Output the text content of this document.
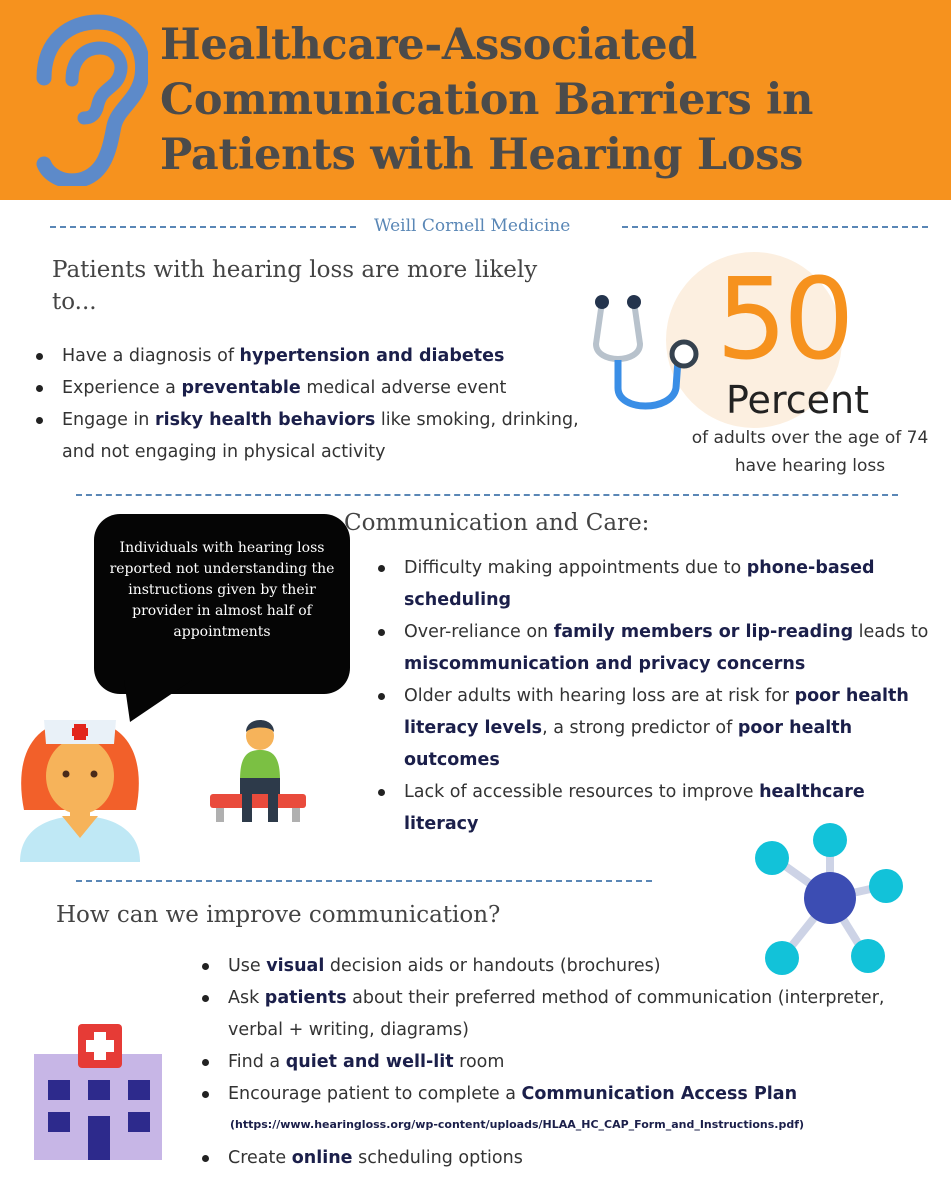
Healthcare-Associated Communication Barriers in Patients with Hearing Loss
Weill Cornell Medicine
Patients with hearing loss are more likely to...
Have a diagnosis of hypertension and diabetes
Experience a preventable medical adverse event
Engage in risky health behaviors like smoking, drinking, and not engaging in physical activity
50
Percent
of adults over the age of 74 have hearing loss
Individuals with hearing loss reported not understanding the instructions given by their provider in almost half of appointments
Communication and Care:
Difficulty making appointments due to phone-based scheduling
Over-reliance on family members or lip-reading leads to miscommunication and privacy concerns
Older adults with hearing loss are at risk for poor health literacy levels, a strong predictor of poor health outcomes
Lack of accessible resources to improve healthcare literacy
How can we improve communication?
Use visual decision aids or handouts (brochures)
Ask patients about their preferred method of communication (interpreter, verbal + writing, diagrams)
Find a quiet and well-lit room
Encourage patient to complete a Communication Access Plan
Create online scheduling options
(https://www.hearingloss.org/wp-content/uploads/HLAA_HC_CAP_Form_and_Instructions.pdf)
